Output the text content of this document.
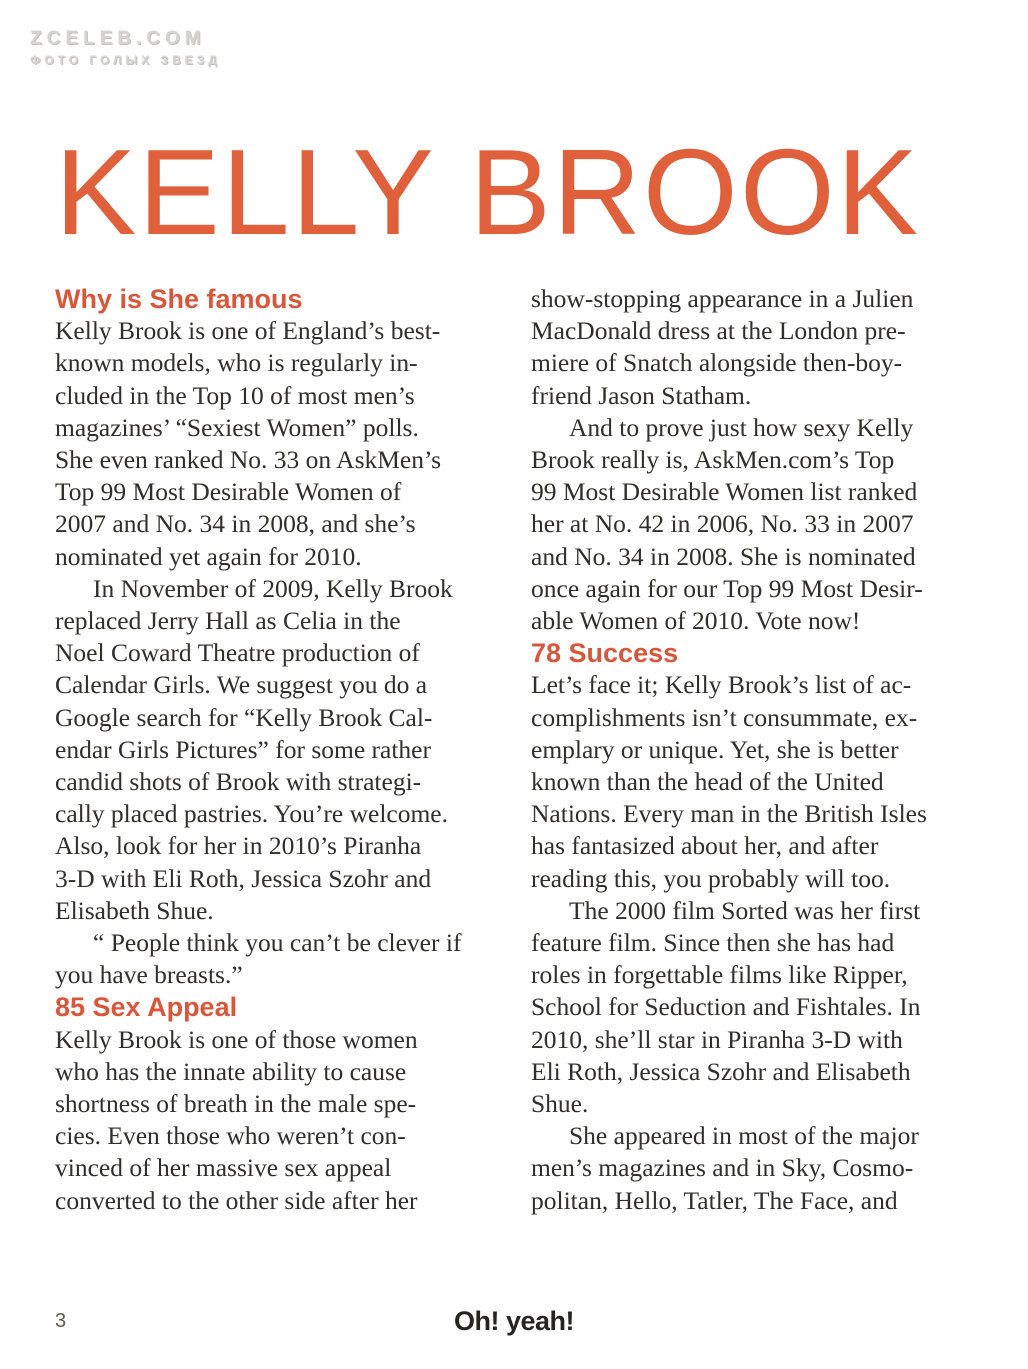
ZCELEB.COM
ФОТО ГОЛЫХ ЗВЕЗД
KELLY BROOK
Why is She famous
Kelly Brook is one of England’s best-
known models, who is regularly in-
cluded in the Top 10 of most men’s
magazines’ “Sexiest Women” polls.
She even ranked No. 33 on AskMen’s
Top 99 Most Desirable Women of
2007 and No. 34 in 2008, and she’s
nominated yet again for 2010.
In November of 2009, Kelly Brook
replaced Jerry Hall as Celia in the
Noel Coward Theatre production of
Calendar Girls. We suggest you do a
Google search for “Kelly Brook Cal-
endar Girls Pictures” for some rather
candid shots of Brook with strategi-
cally placed pastries. You’re welcome.
Also, look for her in 2010’s Piranha
3-D with Eli Roth, Jessica Szohr and
Elisabeth Shue.
“ People think you can’t be clever if
you have breasts.”
85 Sex Appeal
Kelly Brook is one of those women
who has the innate ability to cause
shortness of breath in the male spe-
cies. Even those who weren’t con-
vinced of her massive sex appeal
converted to the other side after her
show-stopping appearance in a Julien
MacDonald dress at the London pre-
miere of Snatch alongside then-boy-
friend Jason Statham.
And to prove just how sexy Kelly
Brook really is, AskMen.com’s Top
99 Most Desirable Women list ranked
her at No. 42 in 2006, No. 33 in 2007
and No. 34 in 2008. She is nominated
once again for our Top 99 Most Desir-
able Women of 2010. Vote now!
78 Success
Let’s face it; Kelly Brook’s list of ac-
complishments isn’t consummate, ex-
emplary or unique. Yet, she is better
known than the head of the United
Nations. Every man in the British Isles
has fantasized about her, and after
reading this, you probably will too.
The 2000 film Sorted was her first
feature film. Since then she has had
roles in forgettable films like Ripper,
School for Seduction and Fishtales. In
2010, she’ll star in Piranha 3-D with
Eli Roth, Jessica Szohr and Elisabeth
Shue.
She appeared in most of the major
men’s magazines and in Sky, Cosmo-
politan, Hello, Tatler, The Face, and
3	Oh! yeah!
